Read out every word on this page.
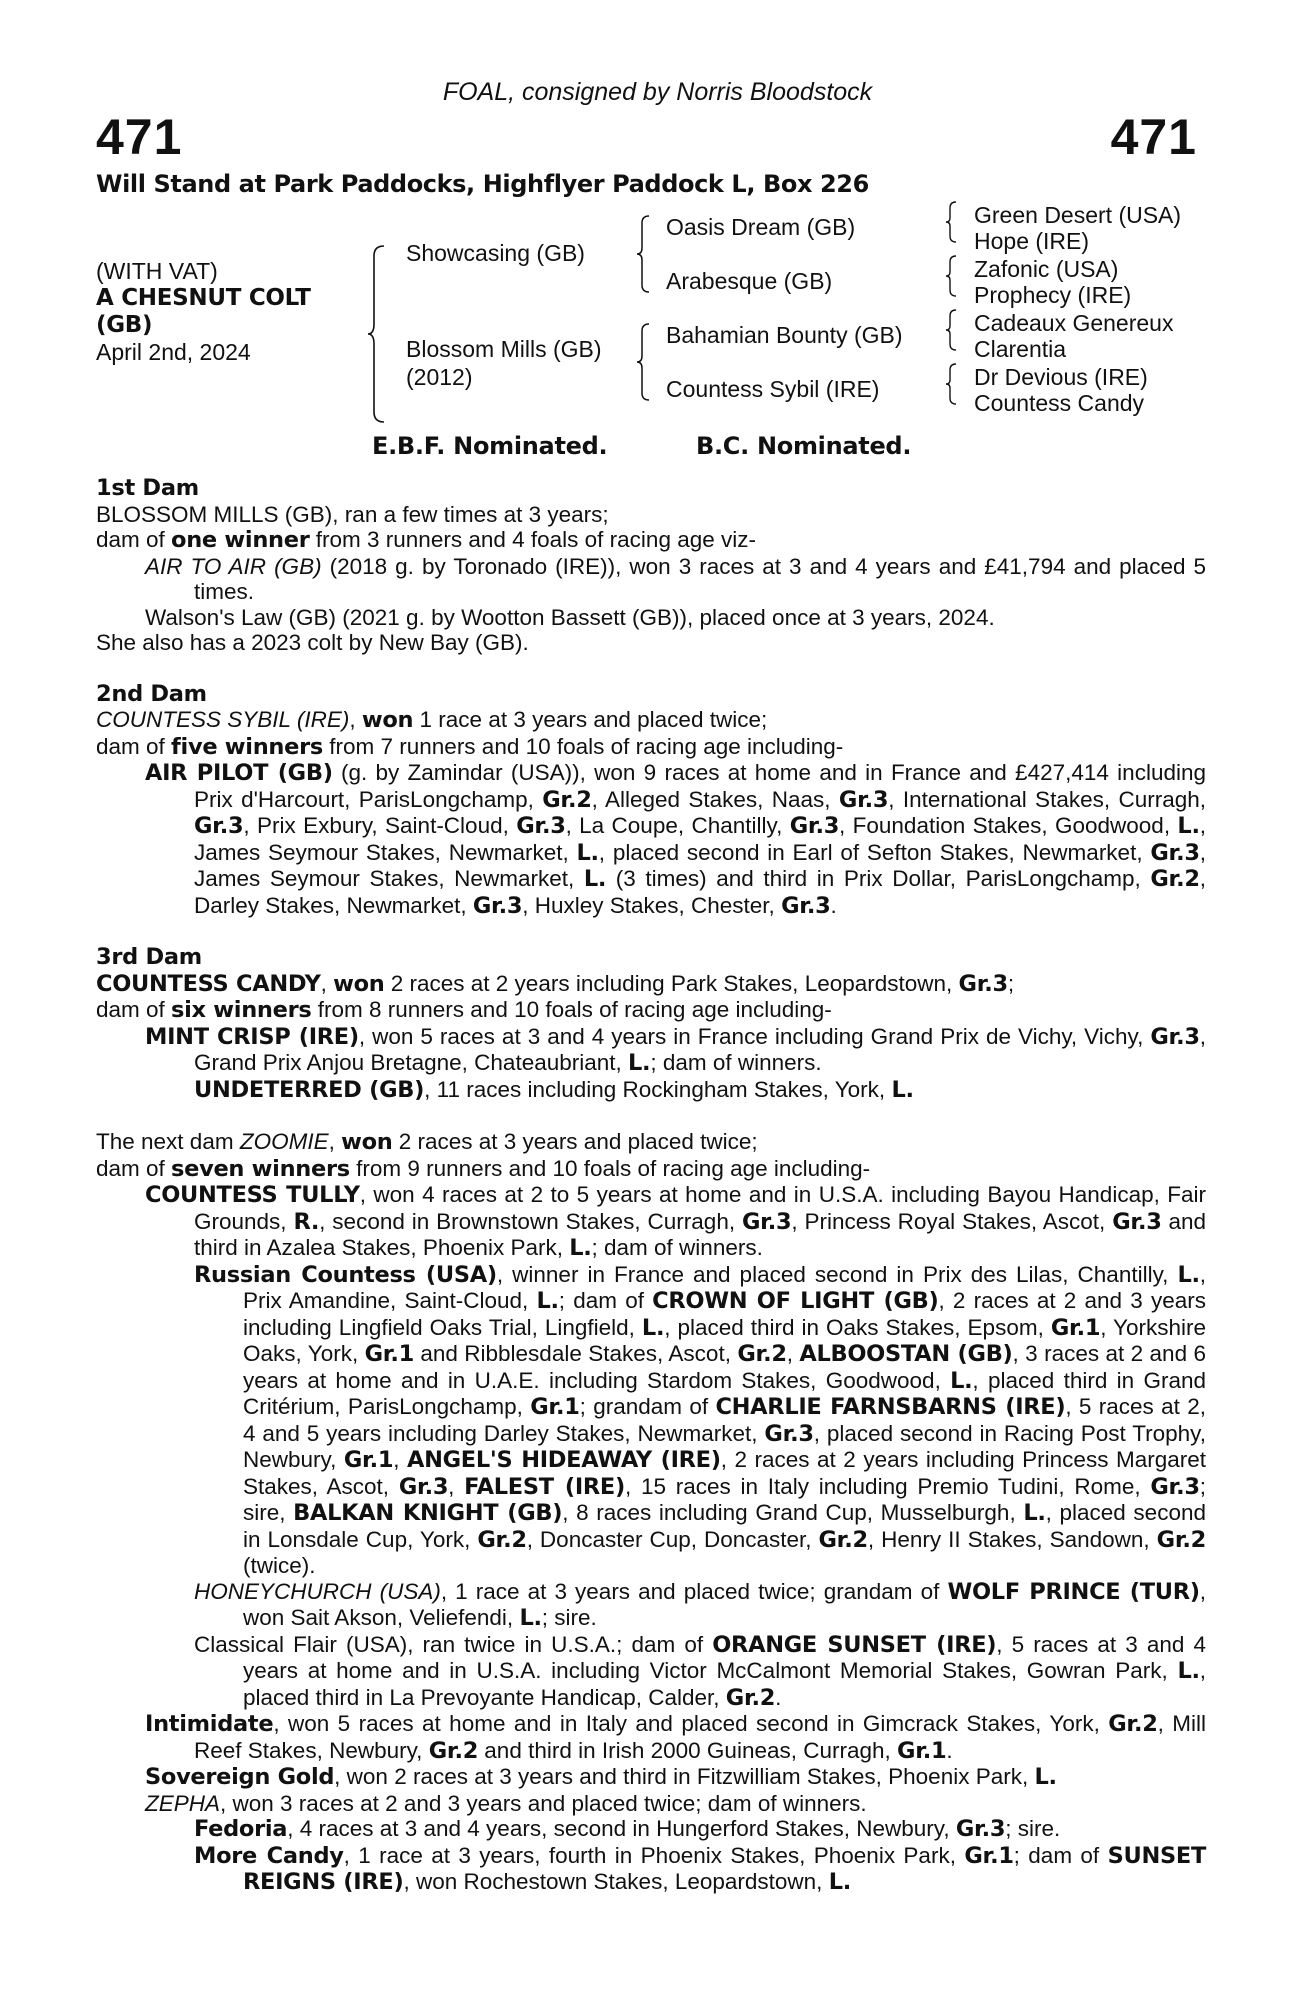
FOAL, consigned by Norris Bloodstock
471	471
Will Stand at Park Paddocks, Highflyer Paddock L, Box 226
(WITH VAT)
A CHESNUT COLT
(GB)
April 2nd, 2024
Showcasing (GB)
Blossom Mills (GB)
(2012)
Oasis Dream (GB)
Arabesque (GB)
Bahamian Bounty (GB)
Countess Sybil (IRE)
Green Desert (USA)
Hope (IRE)
Zafonic (USA)
Prophecy (IRE)
Cadeaux Genereux
Clarentia
Dr Devious (IRE)
Countess Candy
E.B.F. Nominated.	B.C. Nominated.

1st Dam

BLOSSOM MILLS (GB), ran a few times at 3 years;

dam of one winner from 3 runners and 4 foals of racing age viz-

AIR TO AIR (GB) (2018 g. by Toronado (IRE)), won 3 races at 3 and 4 years and £41,794 and placed 5 times.

Walson's Law (GB) (2021 g. by Wootton Bassett (GB)), placed once at 3 years, 2024.

She also has a 2023 colt by New Bay (GB).

2nd Dam

COUNTESS SYBIL (IRE), won 1 race at 3 years and placed twice;

dam of five winners from 7 runners and 10 foals of racing age including-

AIR PILOT (GB) (g. by Zamindar (USA)), won 9 races at home and in France and £427,414 including Prix d'Harcourt, ParisLongchamp, Gr.2, Alleged Stakes, Naas, Gr.3, International Stakes, Curragh, Gr.3, Prix Exbury, Saint-Cloud, Gr.3, La Coupe, Chantilly, Gr.3, Foundation Stakes, Goodwood, L., James Seymour Stakes, Newmarket, L., placed second in Earl of Sefton Stakes, Newmarket, Gr.3, James Seymour Stakes, Newmarket, L. (3 times) and third in Prix Dollar, ParisLongchamp, Gr.2, Darley Stakes, Newmarket, Gr.3, Huxley Stakes, Chester, Gr.3.

3rd Dam

COUNTESS CANDY, won 2 races at 2 years including Park Stakes, Leopardstown, Gr.3;

dam of six winners from 8 runners and 10 foals of racing age including-

MINT CRISP (IRE), won 5 races at 3 and 4 years in France including Grand Prix de Vichy, Vichy, Gr.3, Grand Prix Anjou Bretagne, Chateaubriant, L.; dam of winners.

UNDETERRED (GB), 11 races including Rockingham Stakes, York, L.

The next dam ZOOMIE, won 2 races at 3 years and placed twice;

dam of seven winners from 9 runners and 10 foals of racing age including-

COUNTESS TULLY, won 4 races at 2 to 5 years at home and in U.S.A. including Bayou Handicap, Fair Grounds, R., second in Brownstown Stakes, Curragh, Gr.3, Princess Royal Stakes, Ascot, Gr.3 and third in Azalea Stakes, Phoenix Park, L.; dam of winners.

Russian Countess (USA), winner in France and placed second in Prix des Lilas, Chantilly, L., Prix Amandine, Saint-Cloud, L.; dam of CROWN OF LIGHT (GB), 2 races at 2 and 3 years including Lingfield Oaks Trial, Lingfield, L., placed third in Oaks Stakes, Epsom, Gr.1, Yorkshire Oaks, York, Gr.1 and Ribblesdale Stakes, Ascot, Gr.2, ALBOOSTAN (GB), 3 races at 2 and 6 years at home and in U.A.E. including Stardom Stakes, Goodwood, L., placed third in Grand Critérium, ParisLongchamp, Gr.1; grandam of CHARLIE FARNSBARNS (IRE), 5 races at 2, 4 and 5 years including Darley Stakes, Newmarket, Gr.3, placed second in Racing Post Trophy, Newbury, Gr.1, ANGEL'S HIDEAWAY (IRE), 2 races at 2 years including Princess Margaret Stakes, Ascot, Gr.3, FALEST (IRE), 15 races in Italy including Premio Tudini, Rome, Gr.3; sire, BALKAN KNIGHT (GB), 8 races including Grand Cup, Musselburgh, L., placed second in Lonsdale Cup, York, Gr.2, Doncaster Cup, Doncaster, Gr.2, Henry II Stakes, Sandown, Gr.2 (twice).

HONEYCHURCH (USA), 1 race at 3 years and placed twice; grandam of WOLF PRINCE (TUR), won Sait Akson, Veliefendi, L.; sire.

Classical Flair (USA), ran twice in U.S.A.; dam of ORANGE SUNSET (IRE), 5 races at 3 and 4 years at home and in U.S.A. including Victor McCalmont Memorial Stakes, Gowran Park, L., placed third in La Prevoyante Handicap, Calder, Gr.2.

Intimidate, won 5 races at home and in Italy and placed second in Gimcrack Stakes, York, Gr.2, Mill Reef Stakes, Newbury, Gr.2 and third in Irish 2000 Guineas, Curragh, Gr.1.

Sovereign Gold, won 2 races at 3 years and third in Fitzwilliam Stakes, Phoenix Park, L.

ZEPHA, won 3 races at 2 and 3 years and placed twice; dam of winners.

Fedoria, 4 races at 3 and 4 years, second in Hungerford Stakes, Newbury, Gr.3; sire.

More Candy, 1 race at 3 years, fourth in Phoenix Stakes, Phoenix Park, Gr.1; dam of SUNSET REIGNS (IRE), won Rochestown Stakes, Leopardstown, L.
